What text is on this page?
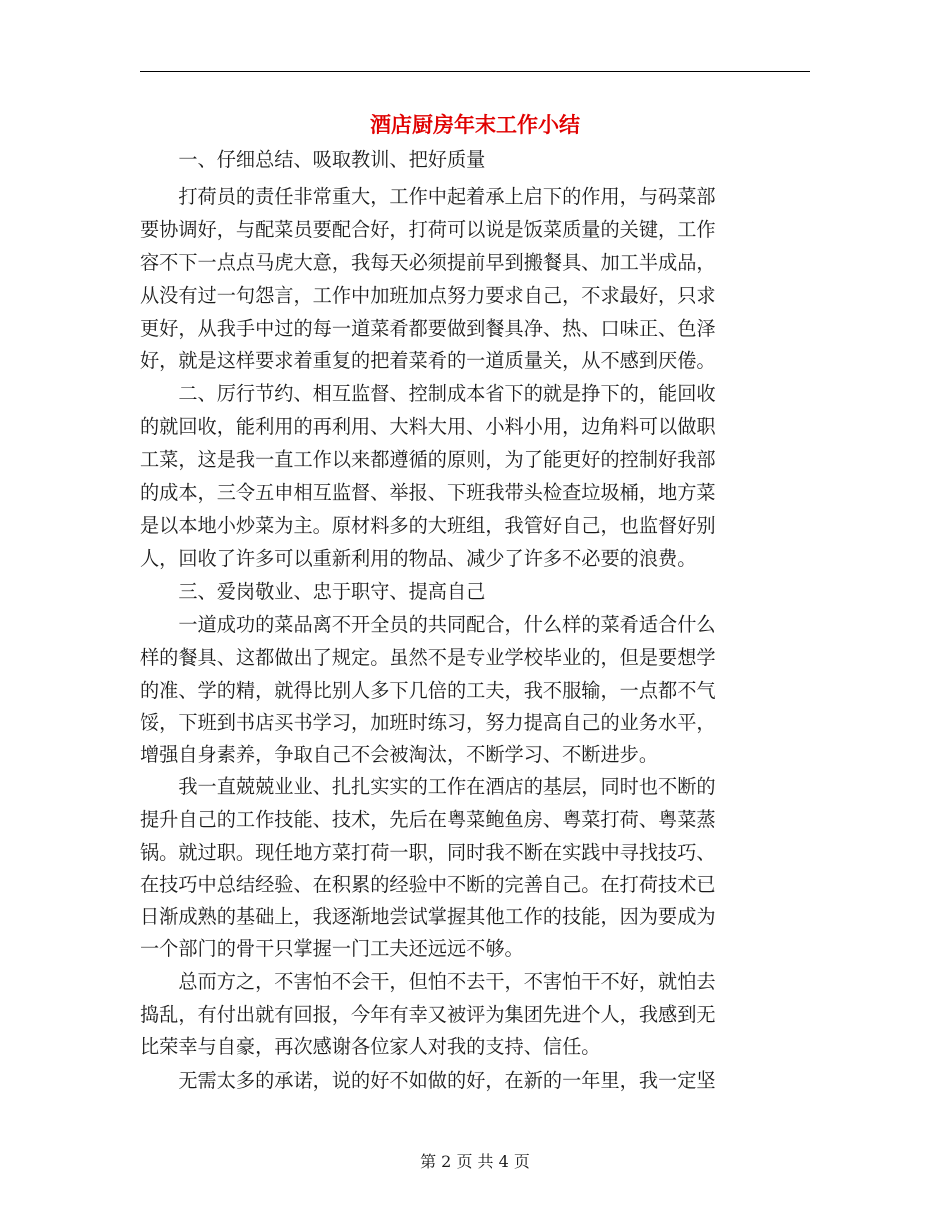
酒店厨房年末工作小结
　　一、仔细总结、吸取教训、把好质量
　　打荷员的责任非常重大，工作中起着承上启下的作用，与码菜部
要协调好，与配菜员要配合好，打荷可以说是饭菜质量的关键，工作
容不下一点点马虎大意，我每天必须提前早到搬餐具、加工半成品，
从没有过一句怨言，工作中加班加点努力要求自己，不求最好，只求
更好，从我手中过的每一道菜肴都要做到餐具净、热、口味正、色泽
好，就是这样要求着重复的把着菜肴的一道质量关，从不感到厌倦。
　　二、厉行节约、相互监督、控制成本省下的就是挣下的，能回收
的就回收，能利用的再利用、大料大用、小料小用，边角料可以做职
工菜，这是我一直工作以来都遵循的原则，为了能更好的控制好我部
的成本，三令五申相互监督、举报、下班我带头检查垃圾桶，地方菜
是以本地小炒菜为主。原材料多的大班组，我管好自己，也监督好别
人，回收了许多可以重新利用的物品、减少了许多不必要的浪费。
　　三、爱岗敬业、忠于职守、提高自己
　　一道成功的菜品离不开全员的共同配合，什么样的菜肴适合什么
样的餐具、这都做出了规定。虽然不是专业学校毕业的，但是要想学
的准、学的精，就得比别人多下几倍的工夫，我不服输，一点都不气
馁，下班到书店买书学习，加班时练习，努力提高自己的业务水平，
增强自身素养，争取自己不会被淘汰，不断学习、不断进步。
　　我一直兢兢业业、扎扎实实的工作在酒店的基层，同时也不断的
提升自己的工作技能、技术，先后在粤菜鲍鱼房、粤菜打荷、粤菜蒸
锅。就过职。现任地方菜打荷一职，同时我不断在实践中寻找技巧、
在技巧中总结经验、在积累的经验中不断的完善自己。在打荷技术已
日渐成熟的基础上，我逐渐地尝试掌握其他工作的技能，因为要成为
一个部门的骨干只掌握一门工夫还远远不够。
　　总而方之，不害怕不会干，但怕不去干，不害怕干不好，就怕去
捣乱，有付出就有回报，今年有幸又被评为集团先进个人，我感到无
比荣幸与自豪，再次感谢各位家人对我的支持、信任。
　　无需太多的承诺，说的好不如做的好，在新的一年里，我一定坚
第 2 页 共 4 页
